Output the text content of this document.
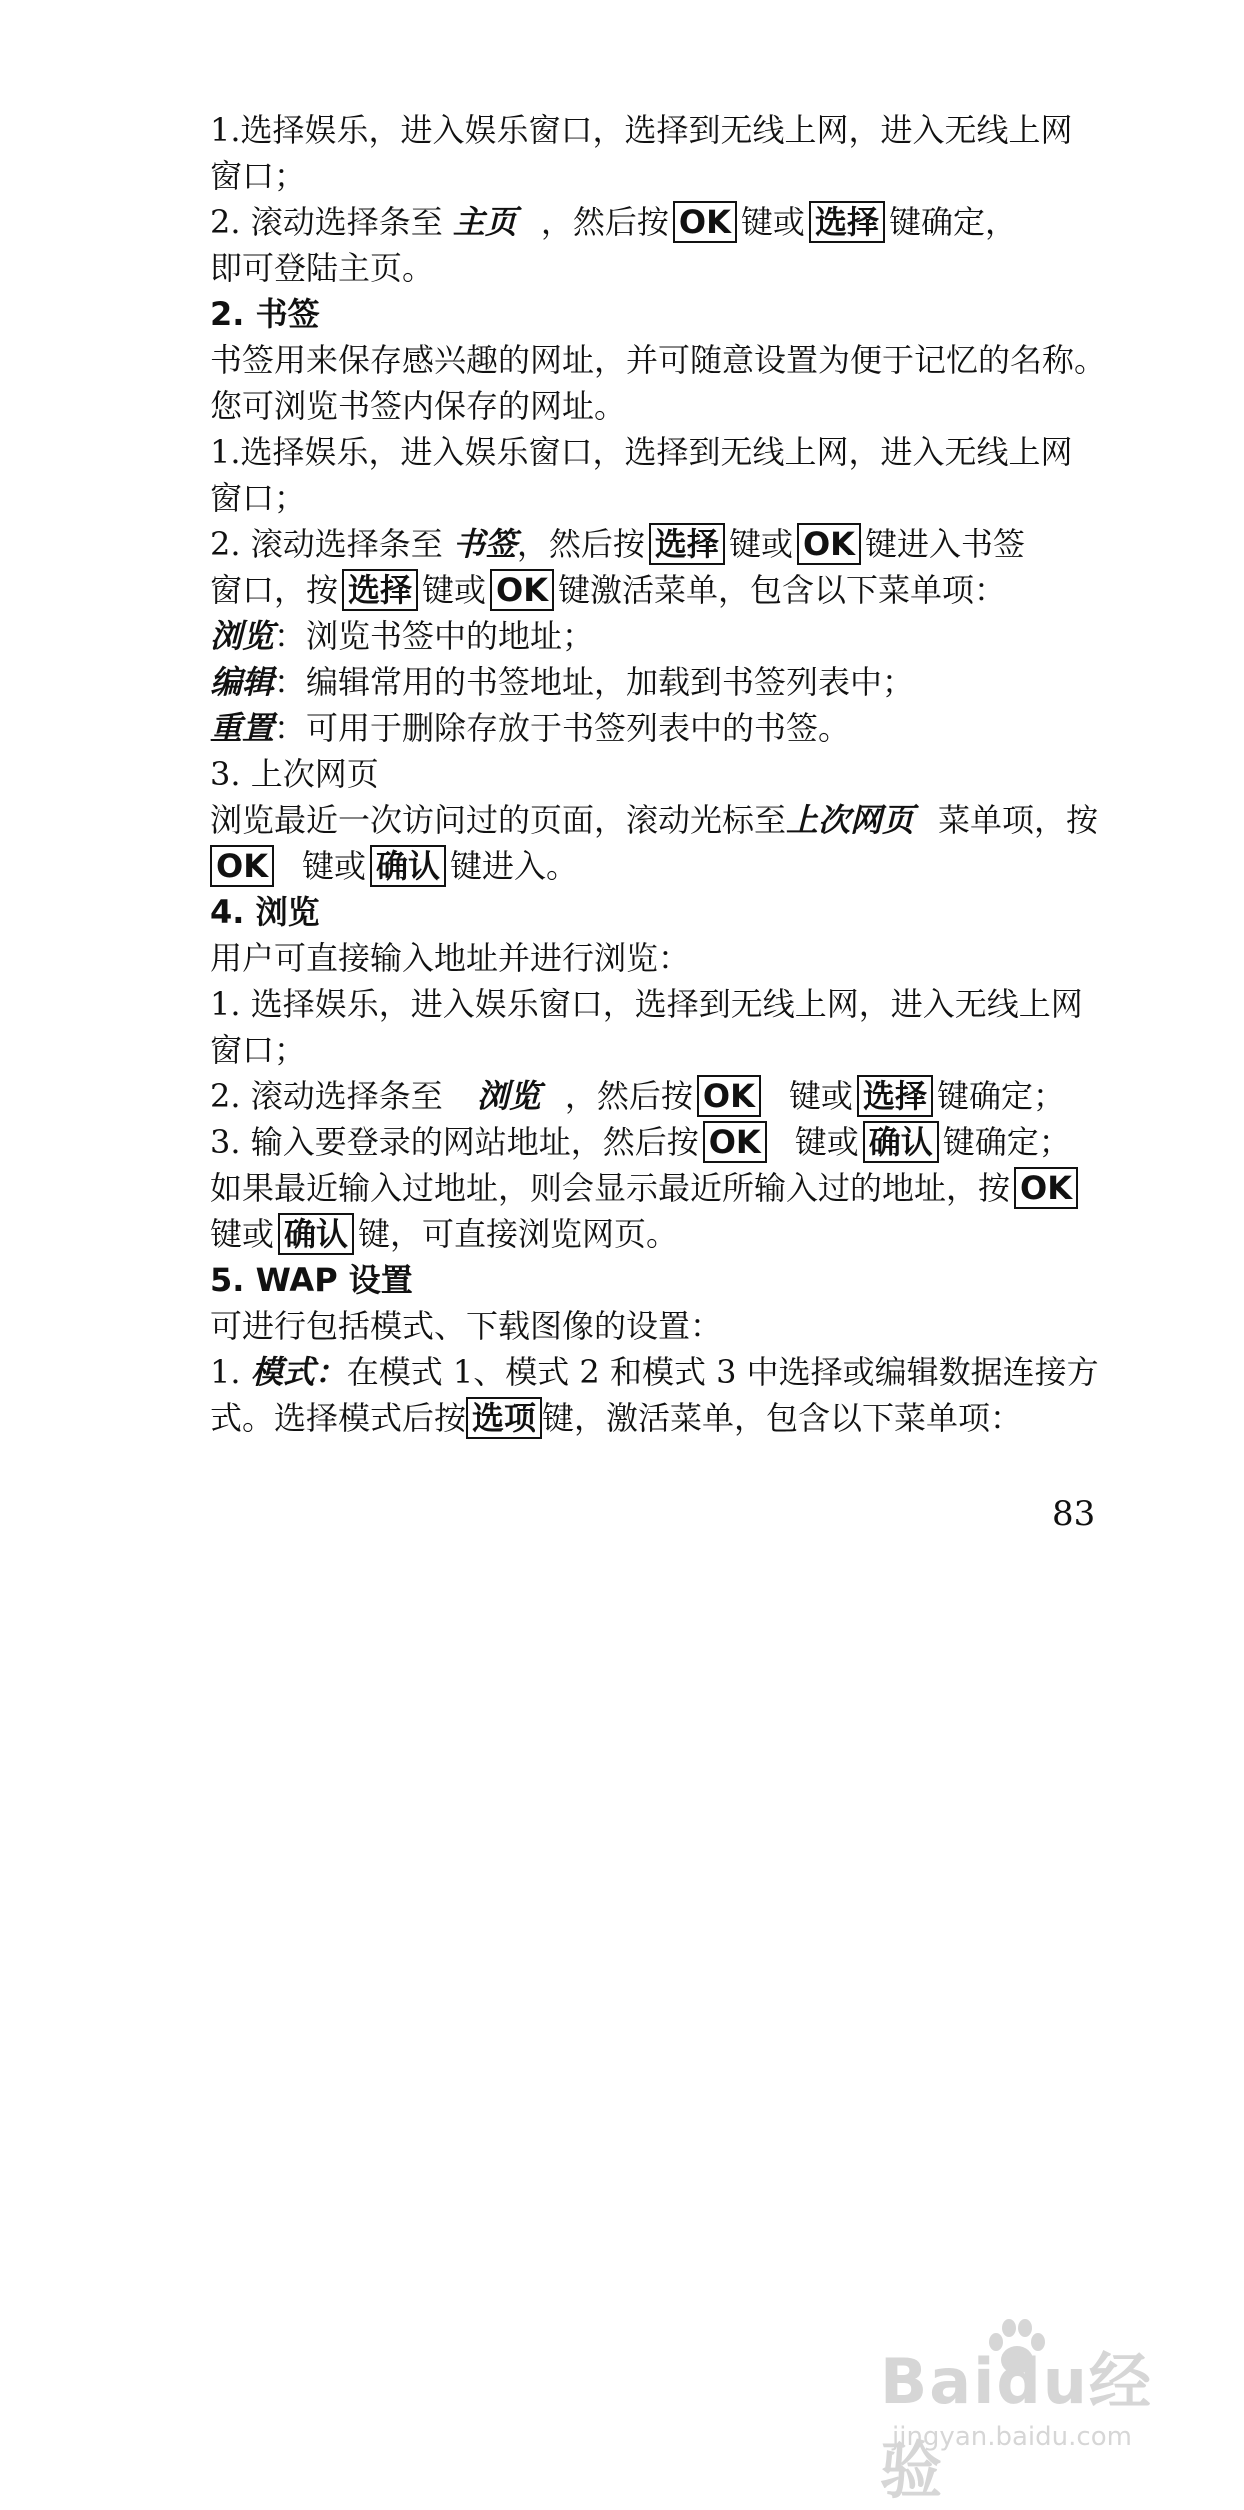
1.选择娱乐，进入娱乐窗口，选择到无线上网，进入无线上网
窗口；
2. 滚动选择条至 主页 ，然后按 OK 键或 选择 键确定，
即可登陆主页。
2. 书签
书签用来保存感兴趣的网址，并可随意设置为便于记忆的名称。
您可浏览书签内保存的网址。
1.选择娱乐，进入娱乐窗口，选择到无线上网，进入无线上网
窗口；
2. 滚动选择条至 书签，然后按 选择 键或 OK 键进入书签
窗口，按 选择 键或 OK 键激活菜单，包含以下菜单项：
浏览：浏览书签中的地址；
编辑：编辑常用的书签地址，加载到书签列表中；
重置：可用于删除存放于书签列表中的书签。
3. 上次网页
浏览最近一次访问过的页面，滚动光标至上次网页 菜单项，按
OK 键或 确认 键进入。
4. 浏览
用户可直接输入地址并进行浏览：
1. 选择娱乐，进入娱乐窗口，选择到无线上网，进入无线上网
窗口；
2. 滚动选择条至 浏览 ，然后按 OK 键或 选择 键确定；
3. 输入要登录的网站地址，然后按 OK 键或 确认 键确定；
如果最近输入过地址，则会显示最近所输入过的地址，按 OK
键或 确认 键，可直接浏览网页。
5. WAP 设置
可进行包括模式、下载图像的设置：
1. 模式：在模式 1、模式 2 和模式 3 中选择或编辑数据连接方
式。选择模式后按 选项 键，激活菜单，包含以下菜单项：
83
Baidu经验
jingyan.baidu.com
